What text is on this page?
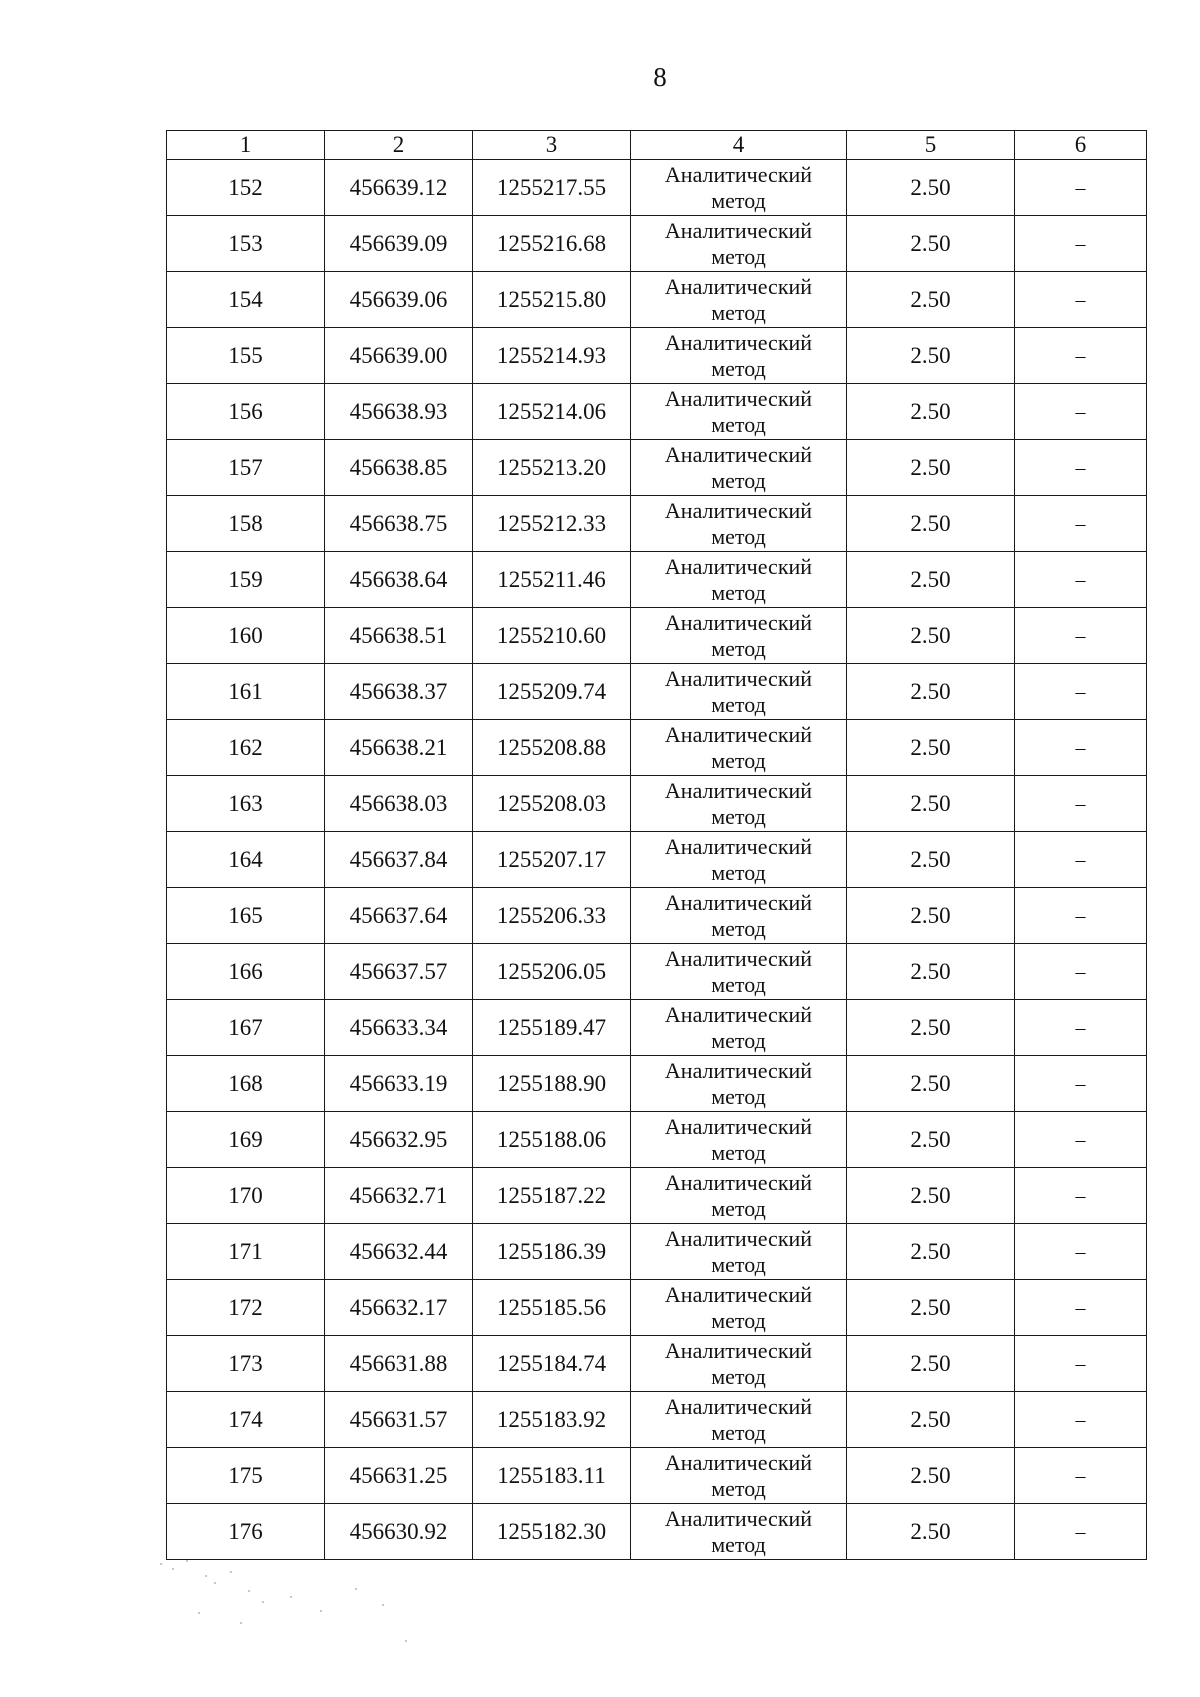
8
1	2	3	4	5	6
152	456639.12	1255217.55	Аналитический
метод	2.50	–
153	456639.09	1255216.68	Аналитический
метод	2.50	–
154	456639.06	1255215.80	Аналитический
метод	2.50	–
155	456639.00	1255214.93	Аналитический
метод	2.50	–
156	456638.93	1255214.06	Аналитический
метод	2.50	–
157	456638.85	1255213.20	Аналитический
метод	2.50	–
158	456638.75	1255212.33	Аналитический
метод	2.50	–
159	456638.64	1255211.46	Аналитический
метод	2.50	–
160	456638.51	1255210.60	Аналитический
метод	2.50	–
161	456638.37	1255209.74	Аналитический
метод	2.50	–
162	456638.21	1255208.88	Аналитический
метод	2.50	–
163	456638.03	1255208.03	Аналитический
метод	2.50	–
164	456637.84	1255207.17	Аналитический
метод	2.50	–
165	456637.64	1255206.33	Аналитический
метод	2.50	–
166	456637.57	1255206.05	Аналитический
метод	2.50	–
167	456633.34	1255189.47	Аналитический
метод	2.50	–
168	456633.19	1255188.90	Аналитический
метод	2.50	–
169	456632.95	1255188.06	Аналитический
метод	2.50	–
170	456632.71	1255187.22	Аналитический
метод	2.50	–
171	456632.44	1255186.39	Аналитический
метод	2.50	–
172	456632.17	1255185.56	Аналитический
метод	2.50	–
173	456631.88	1255184.74	Аналитический
метод	2.50	–
174	456631.57	1255183.92	Аналитический
метод	2.50	–
175	456631.25	1255183.11	Аналитический
метод	2.50	–
176	456630.92	1255182.30	Аналитический
метод	2.50	–
